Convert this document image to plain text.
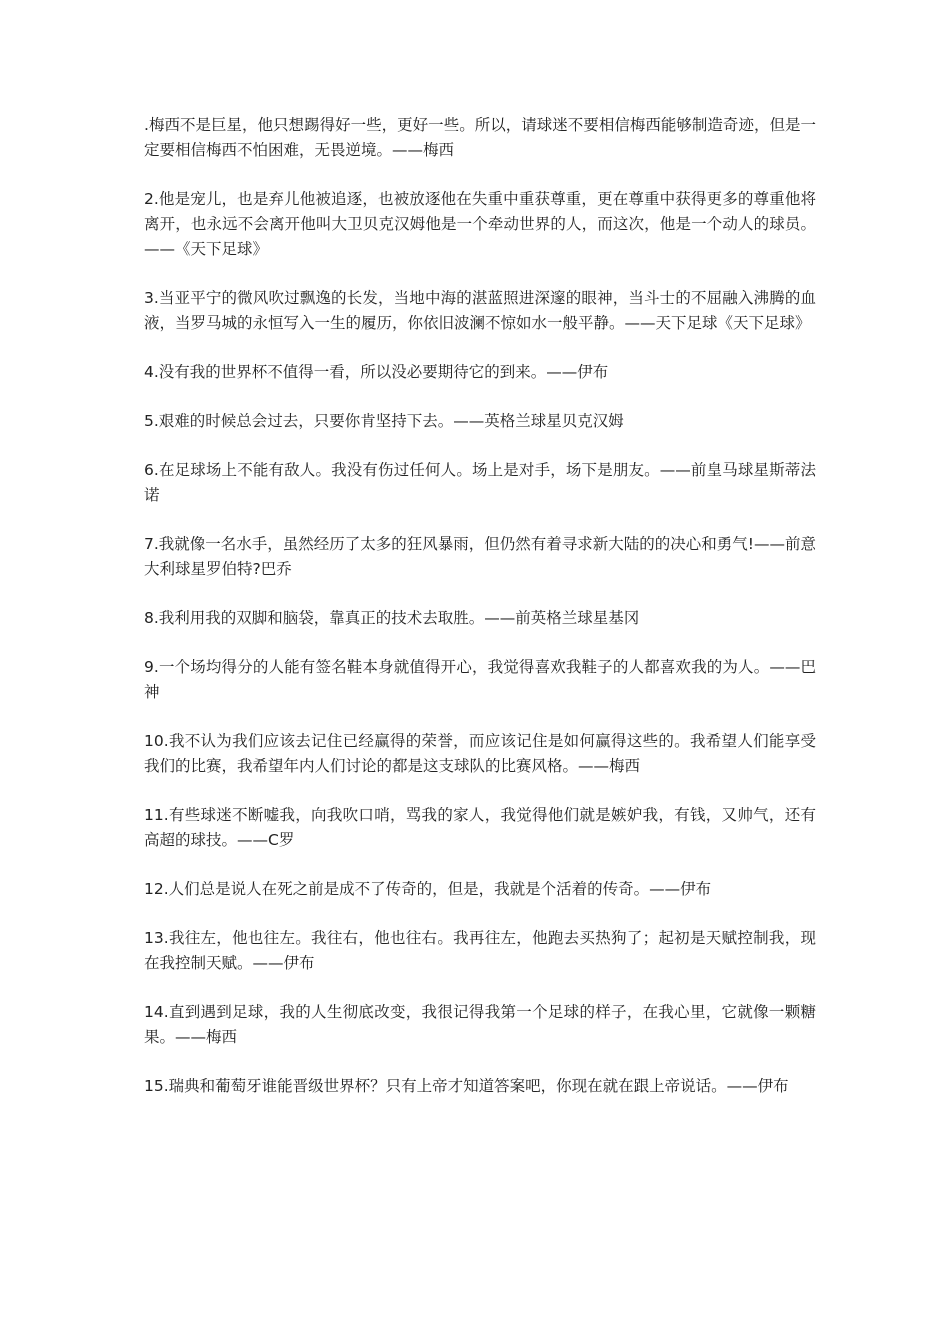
.梅西不是巨星，他只想踢得好一些，更好一些。所以，请球迷不要相信梅西能够制造奇迹，但是一定要相信梅西不怕困难，无畏逆境。——梅西

2.他是宠儿，也是弃儿他被追逐，也被放逐他在失重中重获尊重，更在尊重中获得更多的尊重他将离开，也永远不会离开他叫大卫贝克汉姆他是一个牵动世界的人，而这次，他是一个动人的球员。——《天下足球》

3.当亚平宁的微风吹过飘逸的长发，当地中海的湛蓝照进深邃的眼神，当斗士的不屈融入沸腾的血液，当罗马城的永恒写入一生的履历，你依旧波澜不惊如水一般平静。——天下足球《天下足球》

4.没有我的世界杯不值得一看，所以没必要期待它的到来。——伊布

5.艰难的时候总会过去，只要你肯坚持下去。——英格兰球星贝克汉姆

6.在足球场上不能有敌人。我没有伤过任何人。场上是对手，场下是朋友。——前皇马球星斯蒂法诺

7.我就像一名水手，虽然经历了太多的狂风暴雨，但仍然有着寻求新大陆的的决心和勇气!——前意大利球星罗伯特?巴乔

8.我利用我的双脚和脑袋，靠真正的技术去取胜。——前英格兰球星基冈

9.一个场均得分的人能有签名鞋本身就值得开心，我觉得喜欢我鞋子的人都喜欢我的为人。——巴神

10.我不认为我们应该去记住已经赢得的荣誉，而应该记住是如何赢得这些的。我希望人们能享受我们的比赛，我希望年内人们讨论的都是这支球队的比赛风格。——梅西

11.有些球迷不断嘘我，向我吹口哨，骂我的家人，我觉得他们就是嫉妒我，有钱，又帅气，还有高超的球技。——C罗

12.人们总是说人在死之前是成不了传奇的，但是，我就是个活着的传奇。——伊布

13.我往左，他也往左。我往右，他也往右。我再往左，他跑去买热狗了；起初是天赋控制我，现在我控制天赋。——伊布

14.直到遇到足球，我的人生彻底改变，我很记得我第一个足球的样子，在我心里，它就像一颗糖果。——梅西

15.瑞典和葡萄牙谁能晋级世界杯？只有上帝才知道答案吧，你现在就在跟上帝说话。——伊布
